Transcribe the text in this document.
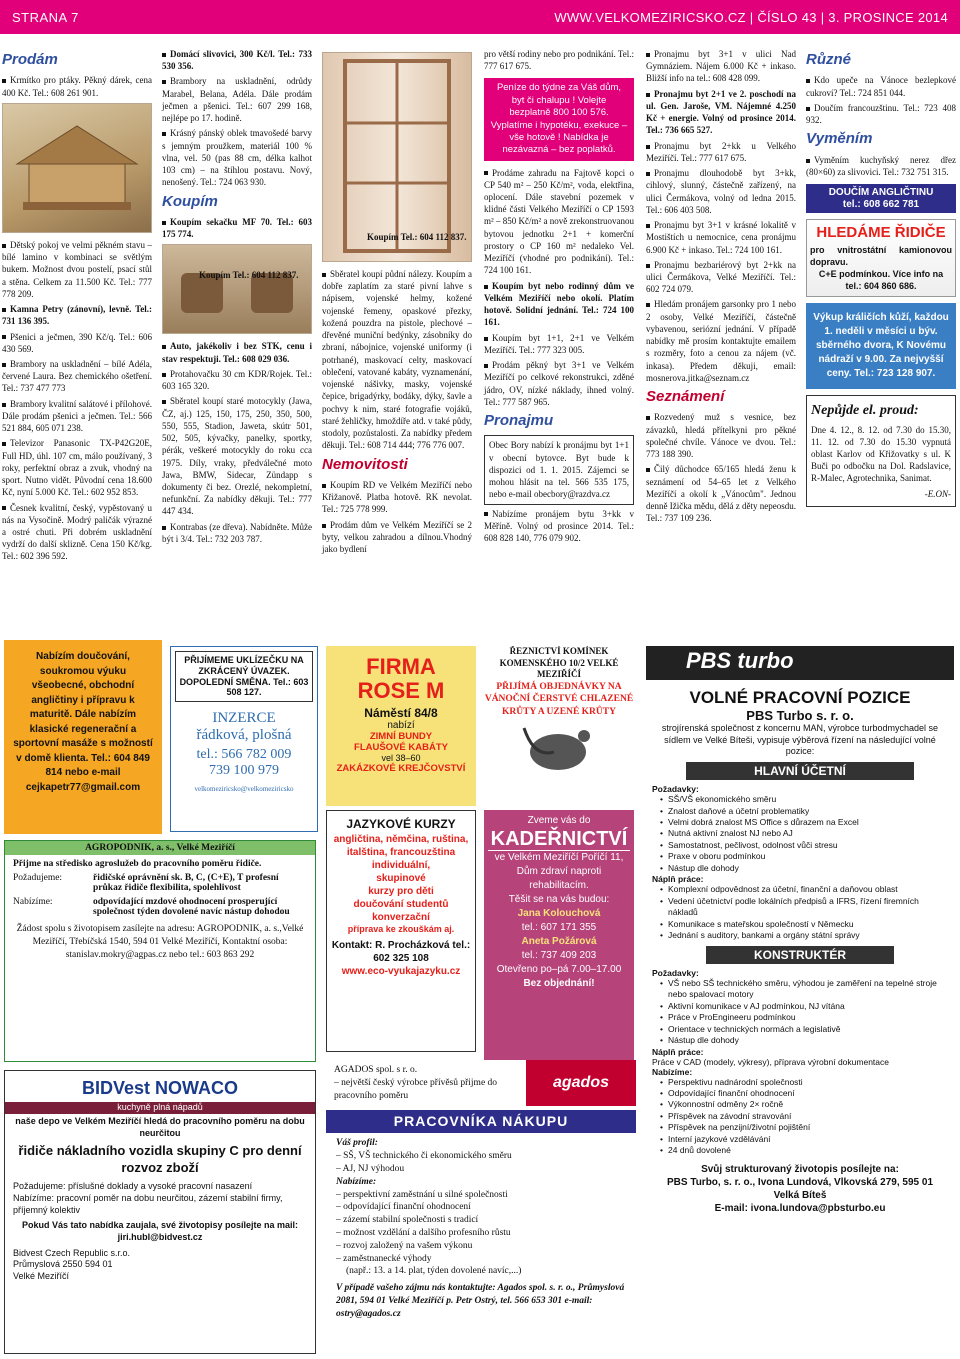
STRANA 7	WWW.VELKOMEZIRICSKO.CZ | ČÍSLO 43 | 3. PROSINCE 2014
Prodám

Krmítko pro ptáky. Pěkný dárek, cena 400 Kč. Tel.: 608 261 901.

Dětský pokoj ve velmi pěkném stavu – bílé lamino v kombinaci se světlým bukem. Možnost dvou postelí, psací stůl a stěna. Celkem za 11.500 Kč. Tel.: 777 778 209.

Kamna Petry (zánovní), levně. Tel.: 731 136 395.

Pšenici a ječmen, 390 Kč/q. Tel.: 606 430 569.

Brambory na uskladnění – bílé Adéla, červené Laura. Bez chemického ošetření. Tel.: 737 477 773

Brambory kvalitní salátové i přílohové. Dále prodám pšenici a ječmen. Tel.: 566 521 884, 605 071 238.

Televizor Panasonic TX-P42G20E, Full HD, úhl. 107 cm, málo používaný, 3 roky, perfektní obraz a zvuk, vhodný na sport. Nutno vidět. Původní cena 18.600 Kč, nyní 5.000 Kč. Tel.: 602 952 853.

Česnek kvalitní, český, vypěstovaný u nás na Vysočině. Modrý paličák výrazné a ostré chuti. Při dobrém uskladnění vydrží do další sklizně. Cena 150 Kč/kg. Tel.: 602 396 592.

Domácí slivovici, 300 Kč/l. Tel.: 733 530 356.

Brambory na uskladnění, odrůdy Marabel, Belana, Adéla. Dále prodám ječmen a pšenici. Tel.: 607 299 168, nejlépe po 17. hodině.

Krásný pánský oblek tmavošedé barvy s jemným proužkem, materiál 100 % vlna, vel. 50 (pas 88 cm, délka kalhot 103 cm) – na štíhlou postavu. Nový, nenošený. Tel.: 724 063 930.

Koupím

Koupím sekačku MF 70. Tel.: 603 175 774.

Koupím Tel.: 604 112 837.

Auto, jakékoliv i bez STK, cenu i stav respektuji. Tel.: 608 029 036.

Protahovačku 30 cm KDR/Rojek. Tel.: 603 165 320.

Sběratel koupí staré motocykly (Jawa, ČZ, aj.) 125, 150, 175, 250, 350, 500, 550, 555, Stadion, Jaweta, skútr 501, 502, 505, kývačky, panelky, sportky, pérák, veškeré motocykly do roku cca 1975. Díly, vraky, předválečné moto Jawa, BMW, Sidecar, Zündapp s dokumenty či bez. Orezlé, nekompletní, nefunkční. Za nabídky děkuji. Tel.: 777 447 434.

Kontrabas (ze dřeva). Nabídněte. Může být i 3/4. Tel.: 732 203 787.

Koupím Tel.: 604 112 837.

Sběratel koupí půdní nálezy. Koupím a dobře zaplatím za staré pivní lahve s nápisem, vojenské helmy, kožené vojenské řemeny, opaskové přezky, kožená pouzdra na pistole, plechové – dřevěné muniční bedýnky, zásobníky do zbraní, nábojnice, vojenské uniformy (i potrhané), maskovací celty, maskovací oblečení, vatované kabáty, vyznamenání, vojenské nášivky, masky, vojenské čepice, brigadýrky, bodáky, dýky, šavle a pochvy k nim, staré fotografie vojáků, staré žehličky, hmoždíře atd. v také půdy, stodoly, pozůstalosti. Za nabídky předem děkuji. Tel.: 608 714 444; 776 776 007.

Nemovitosti

Koupím RD ve Velkém Meziříčí nebo Křižanově. Platba hotově. RK nevolat. Tel.: 725 778 999.

Prodám dům ve Velkém Meziříčí se 2 byty, velkou zahradou a dílnou.Vhodný jako bydlení

pro větší rodiny nebo pro podnikání. Tel.: 777 617 675.

Peníze do týdne za Váš dům, byt či chalupu ! Volejte bezplatně 800 100 576. Vyplatíme i hypotéku, exekuce – vše hotově ! Nabídka je nezávazná – bez poplatků.

Prodáme zahradu na Fajtově kopci o CP 540 m² – 250 Kč/m², voda, elektřina, oplocení. Dále stavební pozemek v klidné části Velkého Meziříčí o CP 1593 m² – 850 Kč/m² a nově zrekonstruovanou bytovou jednotku 2+1 + komerční prostory o CP 160 m² nedaleko Vel. Meziříčí (vhodné pro podnikání). Tel.: 724 100 161.

Koupím byt nebo rodinný dům ve Velkém Meziříčí nebo okolí. Platím hotově. Solidní jednání. Tel.: 724 100 161.

Koupím byt 1+1, 2+1 ve Velkém Meziříčí. Tel.: 777 323 005.

Prodám pěkný byt 3+1 ve Velkém Meziříčí po celkové rekonstrukci, zděné jádro, OV, nízké náklady, ihned volný. Tel.: 777 587 965.

Pronajmu

Obec Bory nabízí k pronájmu byt 1+1 v obecní bytovce. Byt bude k dispozici od 1. 1. 2015. Zájemci se mohou hlásit na tel. 566 535 175, nebo e-mail obecbory@razdva.cz

Nabízíme pronájem bytu 3+kk v Měříně. Volný od prosince 2014. Tel.: 608 828 140, 776 079 902.

Pronajmu byt 3+1 v ulici Nad Gymnáziem. Nájem 6.000 Kč + inkaso. Bližší info na tel.: 608 428 099.

Pronajmu byt 2+1 ve 2. poschodí na ul. Gen. Jaroše, VM. Nájemné 4.250 Kč + energie. Volný od prosince 2014. Tel.: 736 665 527.

Pronajmu byt 2+kk u Velkého Meziříčí. Tel.: 777 617 675.

Pronajmu dlouhodobě byt 3+kk, cihlový, slunný, částečně zařízený, na ulici Čermákova, volný od ledna 2015. Tel.: 606 403 508.

Pronajmu byt 3+1 v krásné lokalitě v Mostištích u nemocnice, cena pronájmu 6.900 Kč + inkaso. Tel.: 724 100 161.

Pronajmu bezbariérový byt 2+kk na ulici Čermákova, Velké Meziříčí. Tel.: 602 724 079.

Hledám pronájem garsonky pro 1 nebo 2 osoby, Velké Meziříčí, částečně vybavenou, seriózní jednání. V případě nabídky mě prosím kontaktujte emailem s rozměry, foto a cenou za nájem (vč. inkasa). Předem děkuji, email: mosnerova.jitka@seznam.cz

Seznámení

Rozvedený muž s vesnice, bez závazků, hledá přítelkyni pro pěkné společné chvíle. Vánoce ve dvou. Tel.: 773 188 390.

Čilý důchodce 65/165 hledá ženu k seznámení od 54–65 let z Velkého Meziříčí a okolí k „Vánocům". Jednou denně Ižička mědu, dělá z děty nepeosdu. Tel.: 737 109 236.

Různé

Kdo upeče na Vánoce bezlepkové cukroví? Tel.: 724 851 044.

Doučím francouzštinu. Tel.: 723 408 932.

Vyměním

Vyměním kuchyňský nerez dřez (80×60) za slivovici. Tel.: 732 751 315.

DOUČÍM ANGLIČTINU
tel.: 608 662 781
HLEDÁME ŘIDIČE
pro vnitrostátní kamionovou dopravu.
C+E podmínkou. Více info na tel.: 604 860 686.
Výkup králičích kůží, každou 1. neděli v měsíci u býv. sběrného dvora, K Novému nádraží v 9.00. Za nejvyšší ceny. Tel.: 723 128 907.
Nepůjde el. proud:

Dne 4. 12., 8. 12. od 7.30 do 15.30, 11. 12. od 7.30 do 15.30 vypnutá oblast Karlov od Křižovatky s ul. K Buči po odbočku na Dol. Radslavice, R-Malec, Agrotechnika, Sanimat.

-E.ON-

Nabízím doučování, soukromou výuku všeobecné, obchodní angličtiny i přípravu k maturitě. Dále nabízím klasické regenerační a sportovní masáže s možností v domě klienta. Tel.: 604 849 814 nebo e-mail cejkapetr77@gmail.com
PŘIJÍMEME UKLÍZEČKU NA ZKRÁCENÝ ÚVAZEK. DOPOLEDNÍ SMĚNA. Tel.: 603 508 127.
INZERCE řádková, plošná
tel.: 566 782 009
739 100 979
velkomeziricsko@velkomeziricsko
FIRMA
ROSE M
Náměstí 84/8
nabízí
ZIMNÍ BUNDY
FLAUŠOVÉ KABÁTY
vel 38–60
ZAKÁZKOVÉ KREJČOVSTVÍ
ŘEZNICTVÍ KOMÍNEK KOMENSKÉHO 10/2 VELKÉ MEZIŘÍČÍ
PŘIJÍMÁ OBJEDNÁVKY NA VÁNOČNÍ ČERSTVÉ CHLAZENÉ KRŮTY A UZENÉ KRŮTY
PBS turbo
VOLNÉ PRACOVNÍ POZICE
PBS Turbo s. r. o.
strojírenská společnost z koncernu MAN, výrobce turbodmychadel se sídlem ve Velké Bíteši, vypisuje výběrová řízení na následující volné pozice:
HLAVNÍ ÚČETNÍ
Požadavky:
• SŠ/VŠ ekonomického směru
• Znalost daňové a účetní problematiky
• Velmi dobrá znalost MS Office s důrazem na Excel
• Nutná aktivní znalost NJ nebo AJ
• Samostatnost, pečlivost, odolnost vůči stresu
• Praxe v oboru podmínkou
• Nástup dle dohody
Náplň práce:
• Komplexní odpovědnost za účetní, finanční a daňovou oblast
• Vedení účetnictví podle lokálních předpisů a IFRS, řízení firemních nákladů
• Komunikace s mateřskou společností v Německu
• Jednání s auditory, bankami a orgány státní správy
KONSTRUKTÉR
Požadavky:
• VŠ nebo SŠ technického směru, výhodou je zaměření na tepelné stroje nebo spalovací motory
• Aktivní komunikace v AJ podmínkou, NJ vítána
• Práce v ProEngineeru podmínkou
• Orientace v technických normách a legislativě
• Nástup dle dohody
Náplň práce:
Práce v CAD (modely, výkresy), příprava výrobní dokumentace
Nabízíme:
• Perspektivu nadnárodní společnosti
• Odpovídající finanční ohodnocení
• Výkonnostní odměny 2× ročně
• Příspěvek na závodní stravování
• Příspěvek na penzijní/životní pojištění
• Interní jazykové vzdělávání
• 24 dnů dovolené
Svůj strukturovaný životopis posílejte na:
PBS Turbo, s. r. o., Ivona Lundová, Vlkovská 279, 595 01 Velká Bíteš
E-mail: ivona.lundova@pbsturbo.eu
AGROPODNIK, a. s., Velké Meziříčí
Přijme na středisko agroslužeb do pracovního poměru řidiče.
Požadujeme:	řidičské oprávnění sk. B, C, (C+E), T profesní průkaz řidiče flexibilita, spolehlivost
Nabízíme:	odpovídající mzdové ohodnocení prosperující společnost týden dovolené navíc nástup dohodou
Žádost spolu s životopisem zasílejte na adresu: AGROPODNIK, a. s.,Velké Meziříčí, Třebíčská 1540, 594 01 Velké Meziříčí, Kontaktní osoba: stanislav.mokry@agpas.cz nebo tel.: 603 863 292
JAZYKOVÉ KURZY
angličtina, němčina, ruština, italština, francouzština
individuální,
skupinové
kurzy pro děti
doučování studentů
konverzační
příprava ke zkouškám aj.
Kontakt: R. Procházková tel.: 602 325 108
www.eco-vyukajazyku.cz
Zveme vás do
KADEŘNICTVÍ
ve Velkém Meziříčí Poříčí 11, Dům zdraví naproti rehabilitacím.
Těšit se na vás budou:
Jana Kolouchová
tel.: 607 171 355
Aneta Požárová
tel.: 737 409 203
Otevřeno po–pá 7.00–17.00
Bez objednání!
BIDVest NOWACO
kuchyně plná nápadů
naše depo ve Velkém Meziříčí hledá do pracovního poměru na dobu neurčitou
řidiče nákladního vozidla skupiny C pro denní rozvoz zboží
Požadujeme: příslušné doklady a vysoké pracovní nasazení
Nabízíme: pracovní poměr na dobu neurčitou, zázemí stabilní firmy, příjemný kolektiv
Pokud Vás tato nabídka zaujala, své životopisy posílejte na mail: jiri.hubl@bidvest.cz
Bidvest Czech Republic s.r.o. Průmyslová 2550 594 01 Velké Meziříčí
AGADOS spol. s r. o.
– největší český výrobce přívěsů přijme do pracovního poměru
agados
PRACOVNÍKA NÁKUPU
Váš profil:
– SŠ, VŠ technického či ekonomického směru
– AJ, NJ výhodou
Nabízíme:
– perspektivní zaměstnání u silné společnosti
– odpovídající finanční ohodnocení
– zázemí stabilní společnosti s tradicí
– možnost vzdělání a dalšího profesního růstu
– rozvoj založený na vašem výkonu
– zaměstnanecké výhody
(např.: 13. a 14. plat, týden dovolené navíc,...)
V případě vašeho zájmu nás kontaktujte: Agados spol. s. r. o., Průmyslová 2081, 594 01 Velké Meziříčí p. Petr Ostrý, tel. 566 653 301 e-mail: ostry@agados.cz
